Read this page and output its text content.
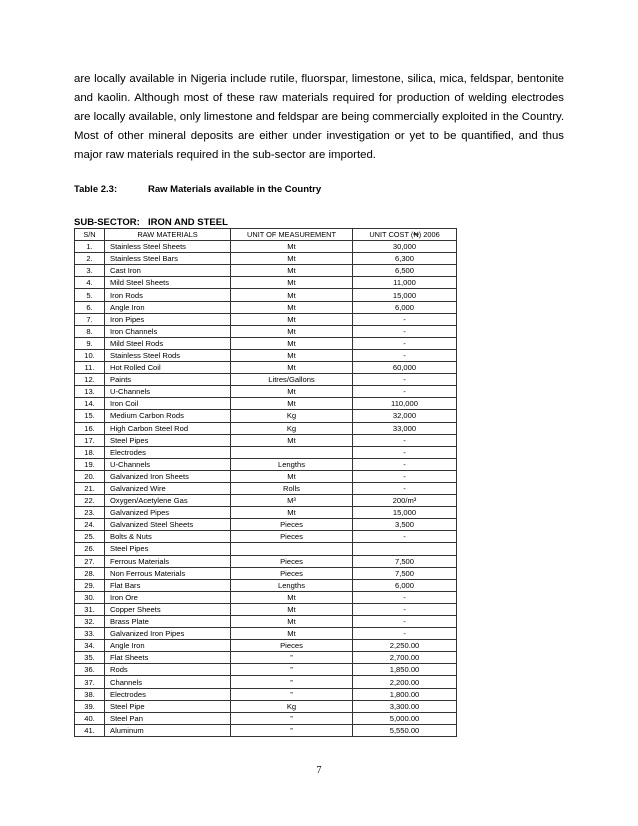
are locally available in Nigeria include rutile, fluorspar, limestone, silica, mica, feldspar, bentonite and kaolin. Although most of these raw materials required for production of welding electrodes are locally available, only limestone and feldspar are being commercially exploited in the Country. Most of other mineral deposits are either under investigation or yet to be quantified, and thus major raw materials required in the sub-sector are imported.

Table 2.3:	Raw Materials available in the Country
SUB-SECTOR: IRON AND STEEL
S/N	RAW MATERIALS	UNIT OF MEASUREMENT	UNIT COST (₦) 2006
1.	Stainless Steel Sheets	Mt	30,000
2.	Stainless Steel Bars	Mt	6,300
3.	Cast Iron	Mt	6,500
4.	Mild Steel Sheets	Mt	11,000
5.	Iron Rods	Mt	15,000
6.	Angle Iron	Mt	6,000
7.	Iron Pipes	Mt	-
8.	Iron Channels	Mt	-
9.	Mild Steel Rods	Mt	-
10.	Stainless Steel Rods	Mt	-
11.	Hot Rolled Coil	Mt	60,000
12.	Paints	Litres/Gallons	-
13.	U-Channels	Mt	-
14.	Iron Coil	Mt	110,000
15.	Medium Carbon Rods	Kg	32,000
16.	High Carbon Steel Rod	Kg	33,000
17.	Steel Pipes	Mt	-
18.	Electrodes		-
19.	U-Channels	Lengths	-
20.	Galvanized Iron Sheets	Mt	-
21.	Galvanized Wire	Rolls	-
22.	Oxygen/Acetylene Gas	M³	200/m³
23.	Galvanized Pipes	Mt	15,000
24.	Galvanized Steel Sheets	Pieces	3,500
25.	Bolts & Nuts	Pieces	-
26.	Steel Pipes		
27.	Ferrous Materials	Pieces	7,500
28.	Non Ferrous Materials	Pieces	7,500
29.	Flat Bars	Lengths	6,000
30.	Iron Ore	Mt	-
31.	Copper Sheets	Mt	-
32.	Brass Plate	Mt	-
33.	Galvanized Iron Pipes	Mt	-
34.	Angle Iron	Pieces	2,250.00
35.	Flat Sheets	”	2,700.00
36.	Rods	”	1,850.00
37.	Channels	”	2,200.00
38.	Electrodes	”	1,800.00
39.	Steel Pipe	Kg	3,300.00
40.	Steel Pan	”	5,000.00
41.	Aluminum	”	5,550.00
7
